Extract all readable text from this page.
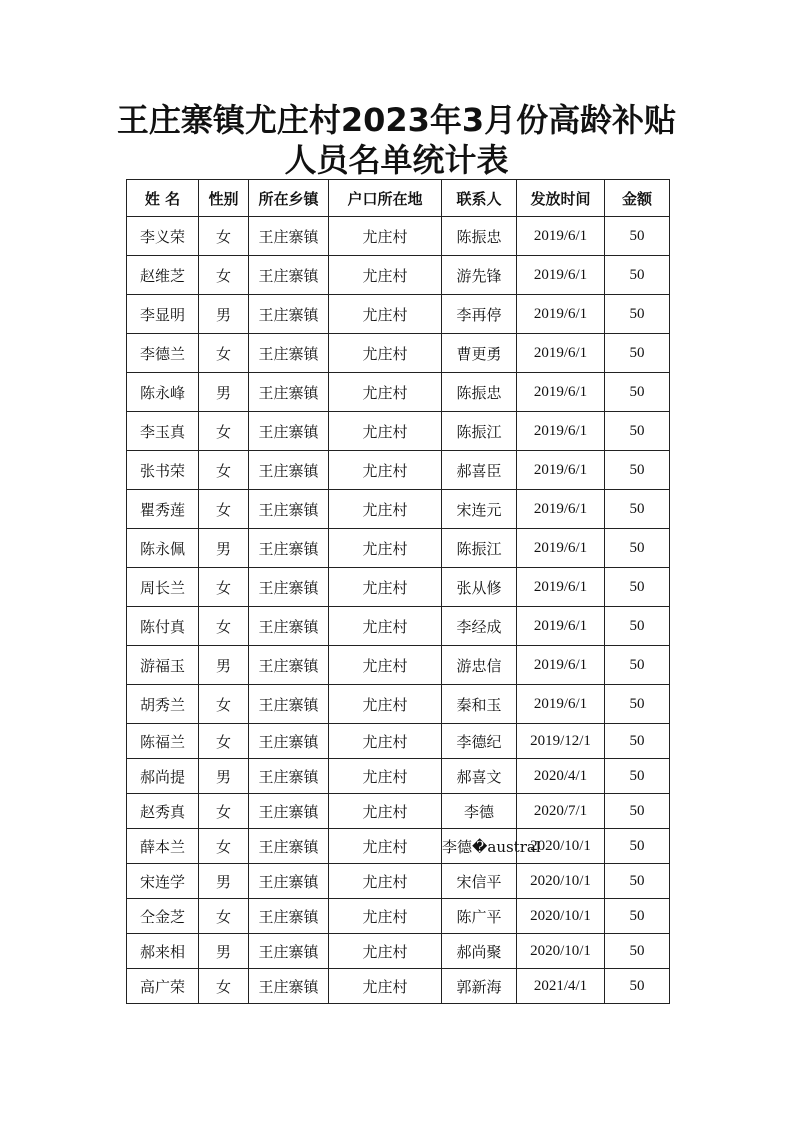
王庄寨镇尤庄村2023年3月份高龄补贴
人员名单统计表
姓 名	性别	所在乡镇	户口所在地	联系人	发放时间	金额
李义荣	女	王庄寨镇	尤庄村	陈振忠	2019/6/1	50
赵维芝	女	王庄寨镇	尤庄村	游先锋	2019/6/1	50
李显明	男	王庄寨镇	尤庄村	李再停	2019/6/1	50
李德兰	女	王庄寨镇	尤庄村	曹更勇	2019/6/1	50
陈永峰	男	王庄寨镇	尤庄村	陈振忠	2019/6/1	50
李玉真	女	王庄寨镇	尤庄村	陈振江	2019/6/1	50
张书荣	女	王庄寨镇	尤庄村	郝喜臣	2019/6/1	50
瞿秀莲	女	王庄寨镇	尤庄村	宋连元	2019/6/1	50
陈永佩	男	王庄寨镇	尤庄村	陈振江	2019/6/1	50
周长兰	女	王庄寨镇	尤庄村	张从修	2019/6/1	50
陈付真	女	王庄寨镇	尤庄村	李经成	2019/6/1	50
游福玉	男	王庄寨镇	尤庄村	游忠信	2019/6/1	50
胡秀兰	女	王庄寨镇	尤庄村	秦和玉	2019/6/1	50
陈福兰	女	王庄寨镇	尤庄村	李德纪	2019/12/1	50
郝尚提	男	王庄寨镇	尤庄村	郝喜文	2020/4/1	50
赵秀真	女	王庄寨镇	尤庄村	李德	2020/7/1	50
薛本兰	女	王庄寨镇	尤庄村	李德�austral	2020/10/1	50
宋连学	男	王庄寨镇	尤庄村	宋信平	2020/10/1	50
仝金芝	女	王庄寨镇	尤庄村	陈广平	2020/10/1	50
郝来相	男	王庄寨镇	尤庄村	郝尚聚	2020/10/1	50
高广荣	女	王庄寨镇	尤庄村	郭新海	2021/4/1	50
